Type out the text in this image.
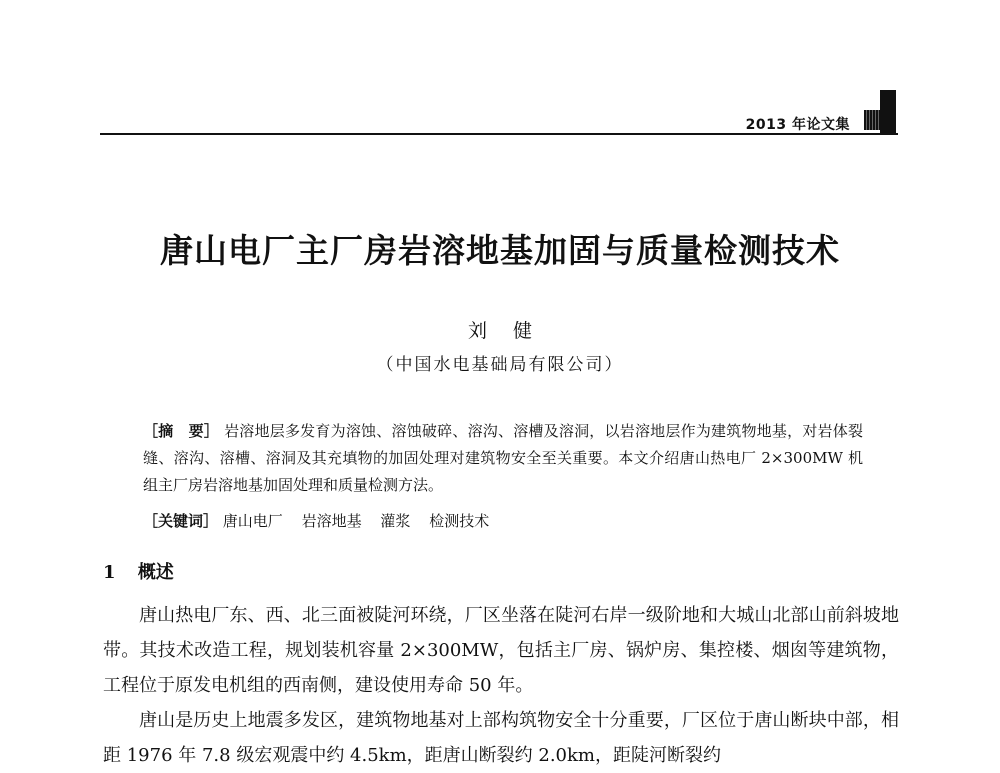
2013 年论文集
唐山电厂主厂房岩溶地基加固与质量检测技术
刘健
（中国水电基础局有限公司）
［摘　要］ 岩溶地层多发育为溶蚀、溶蚀破碎、溶沟、溶槽及溶洞，以岩溶地层作为建筑物地基，对岩体裂缝、溶沟、溶槽、溶洞及其充填物的加固处理对建筑物安全至关重要。本文介绍唐山热电厂 2×300MW 机组主厂房岩溶地基加固处理和质量检测方法。
［关键词］ 唐山电厂 岩溶地基 灌浆 检测技术
1 概述

唐山热电厂东、西、北三面被陡河环绕，厂区坐落在陡河右岸一级阶地和大城山北部山前斜坡地带。其技术改造工程，规划装机容量 2×300MW，包括主厂房、锅炉房、集控楼、烟囱等建筑物，工程位于原发电机组的西南侧，建设使用寿命 50 年。

唐山是历史上地震多发区，建筑物地基对上部构筑物安全十分重要，厂区位于唐山断块中部，相距 1976 年 7.8 级宏观震中约 4.5km，距唐山断裂约 2.0km，距陡河断裂约
